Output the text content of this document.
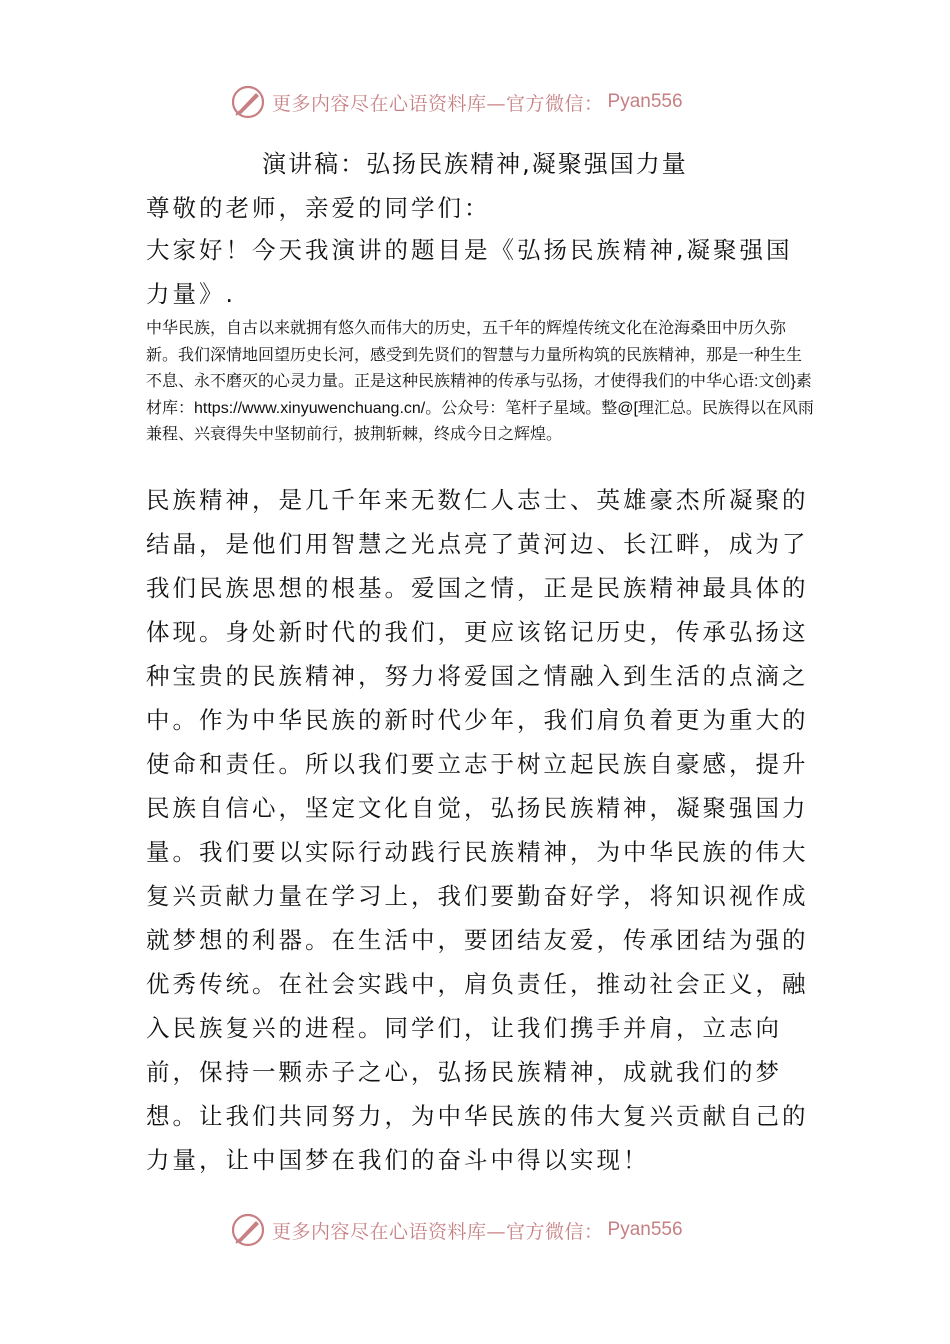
更多内容尽在心语资料库—官方微信： Pyan556
演讲稿：弘扬民族精神,凝聚强国力量

尊敬的老师，亲爱的同学们：

大家好！今天我演讲的题目是《弘扬民族精神,凝聚强国力量》.

中华民族，自古以来就拥有悠久而伟大的历史，五千年的辉煌传统文化在沧海桑田中历久弥新。我们深情地回望历史长河，感受到先贤们的智慧与力量所构筑的民族精神，那是一种生生不息、永不磨灭的心灵力量。正是这种民族精神的传承与弘扬，才使得我们的中华心语:文创}素材库：https://www.xinyuwenchuang.cn/。公众号：笔杆子星域。整@[理汇总。民族得以在风雨兼程、兴衰得失中坚韧前行，披荆斩棘，终成今日之辉煌。

民族精神，是几千年来无数仁人志士、英雄豪杰所凝聚的结晶，是他们用智慧之光点亮了黄河边、长江畔，成为了我们民族思想的根基。爱国之情，正是民族精神最具体的体现。身处新时代的我们，更应该铭记历史，传承弘扬这种宝贵的民族精神，努力将爱国之情融入到生活的点滴之中。作为中华民族的新时代少年，我们肩负着更为重大的使命和责任。所以我们要立志于树立起民族自豪感，提升民族自信心，坚定文化自觉，弘扬民族精神，凝聚强国力量。我们要以实际行动践行民族精神，为中华民族的伟大复兴贡献力量在学习上，我们要勤奋好学，将知识视作成就梦想的利器。在生活中，要团结友爱，传承团结为强的优秀传统。在社会实践中，肩负责任，推动社会正义，融入民族复兴的进程。同学们，让我们携手并肩，立志向前，保持一颗赤子之心，弘扬民族精神，成就我们的梦想。让我们共同努力，为中华民族的伟大复兴贡献自己的力量，让中国梦在我们的奋斗中得以实现！

更多内容尽在心语资料库—官方微信： Pyan556
